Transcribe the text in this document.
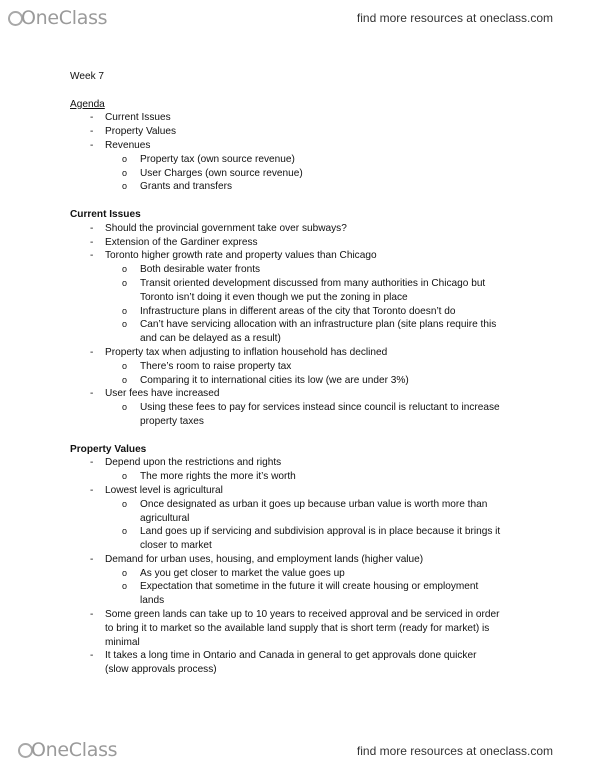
OneClass	find more resources at oneclass.com
Week 7
Agenda
- Current Issues
- Property Values
- Revenues
o Property tax (own source revenue)
o User Charges (own source revenue)
o Grants and transfers
Current Issues
- Should the provincial government take over subways?
- Extension of the Gardiner express
- Toronto higher growth rate and property values than Chicago
o Both desirable water fronts
o Transit oriented development discussed from many authorities in Chicago but
Toronto isn’t doing it even though we put the zoning in place
o Infrastructure plans in different areas of the city that Toronto doesn’t do
o Can’t have servicing allocation with an infrastructure plan (site plans require this
and can be delayed as a result)
- Property tax when adjusting to inflation household has declined
o There’s room to raise property tax
o Comparing it to international cities its low (we are under 3%)
- User fees have increased
o Using these fees to pay for services instead since council is reluctant to increase
property taxes
Property Values
- Depend upon the restrictions and rights
o The more rights the more it’s worth
- Lowest level is agricultural
o Once designated as urban it goes up because urban value is worth more than
agricultural
o Land goes up if servicing and subdivision approval is in place because it brings it
closer to market
- Demand for urban uses, housing, and employment lands (higher value)
o As you get closer to market the value goes up
o Expectation that sometime in the future it will create housing or employment
lands
- Some green lands can take up to 10 years to received approval and be serviced in order
to bring it to market so the available land supply that is short term (ready for market) is
minimal
- It takes a long time in Ontario and Canada in general to get approvals done quicker
(slow approvals process)
OneClass	find more resources at oneclass.com
